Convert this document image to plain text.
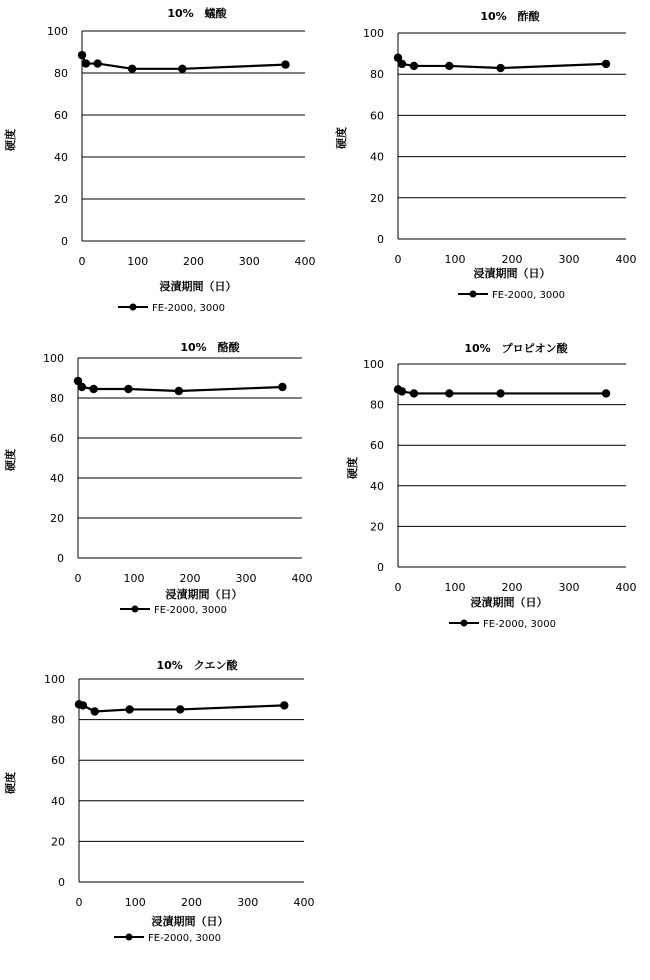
0
20
40
60
80
100
0	100	200	300	400
10%　蟻酸
硬度
浸漬期間（日）
FE-2000, 3000
0
20
40
60
80
100
0	100	200	300	400
10%　酢酸
硬度
浸漬期間（日）
FE-2000, 3000
0
20
40
60
80
100
0	100	200	300	400
10%　酪酸
硬度
浸漬期間（日）
FE-2000, 3000
0
20
40
60
80
100
0	100	200	300	400
10%　プロピオン酸
硬度
浸漬期間（日）
FE-2000, 3000
0
20
40
60
80
100
0	100	200	300	400
10%　クエン酸
硬度
浸漬期間（日）
FE-2000, 3000
